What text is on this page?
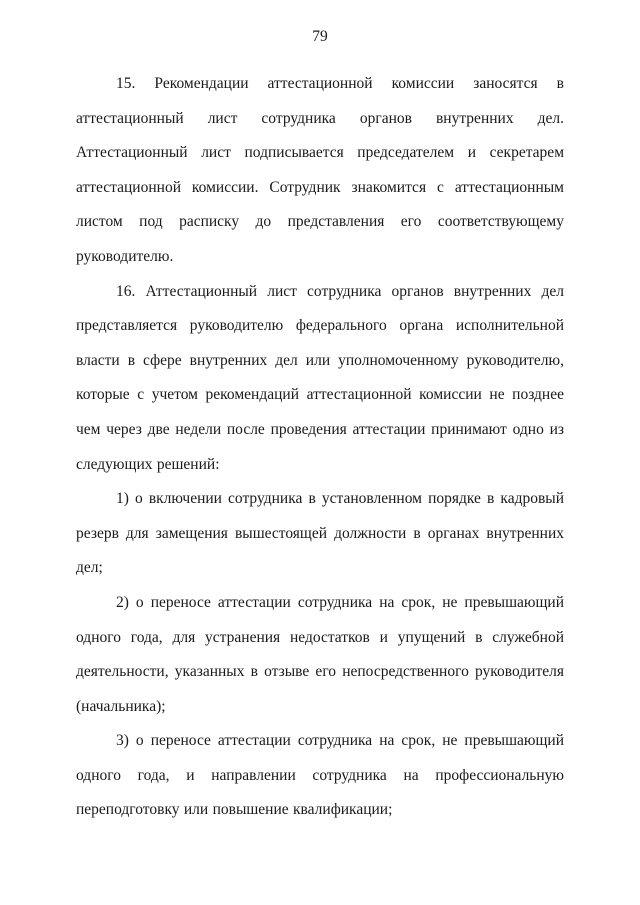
79

15. Рекомендации аттестационной комиссии заносятся в аттестационный лист сотрудника органов внутренних дел. Аттестационный лист подписывается председателем и секретарем аттестационной комиссии. Сотрудник знакомится с аттестационным листом под расписку до представления его соответствующему руководителю.

16. Аттестационный лист сотрудника органов внутренних дел представляется руководителю федерального органа исполнительной власти в сфере внутренних дел или уполномоченному руководителю, которые с учетом рекомендаций аттестационной комиссии не позднее чем через две недели после проведения аттестации принимают одно из следующих решений:

1) о включении сотрудника в установленном порядке в кадровый резерв для замещения вышестоящей должности в органах внутренних дел;

2) о переносе аттестации сотрудника на срок, не превышающий одного года, для устранения недостатков и упущений в служебной деятельности, указанных в отзыве его непосредственного руководителя (начальника);

3) о переносе аттестации сотрудника на срок, не превышающий одного года, и направлении сотрудника на профессиональную переподготовку или повышение квалификации;
